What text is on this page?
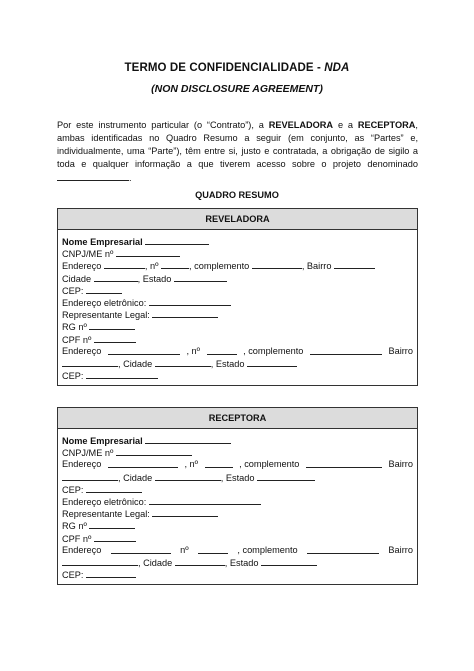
TERMO DE CONFIDENCIALIDADE - NDA
(NON DISCLOSURE AGREEMENT)
Por este instrumento particular (o “Contrato”), a REVELADORA e a RECEPTORA, ambas identificadas no Quadro Resumo a seguir (em conjunto, as “Partes” e, individualmente, uma “Parte”), têm entre si, justo e contratada, a obrigação de sigilo a toda e qualquer informação a que tiverem acesso sobre o projeto denominado .
QUADRO RESUMO
REVELADORA
Nome Empresarial
CNPJ/ME nº
Endereço	, nº	, complemento	, Bairro
Cidade	, Estado
CEP:
Endereço eletrônico:
Representante Legal:
RG nº
CPF nº
Endereço	, nº	, complemento	Bairro
, Cidade	, Estado
CEP:
RECEPTORA
Nome Empresarial
CNPJ/ME nº
Endereço	, nº	, complemento	Bairro
, Cidade	, Estado
CEP:
Endereço eletrônico:
Representante Legal:
RG nº
CPF nº
Endereço	nº	, complemento	Bairro
, Cidade	, Estado
CEP:
